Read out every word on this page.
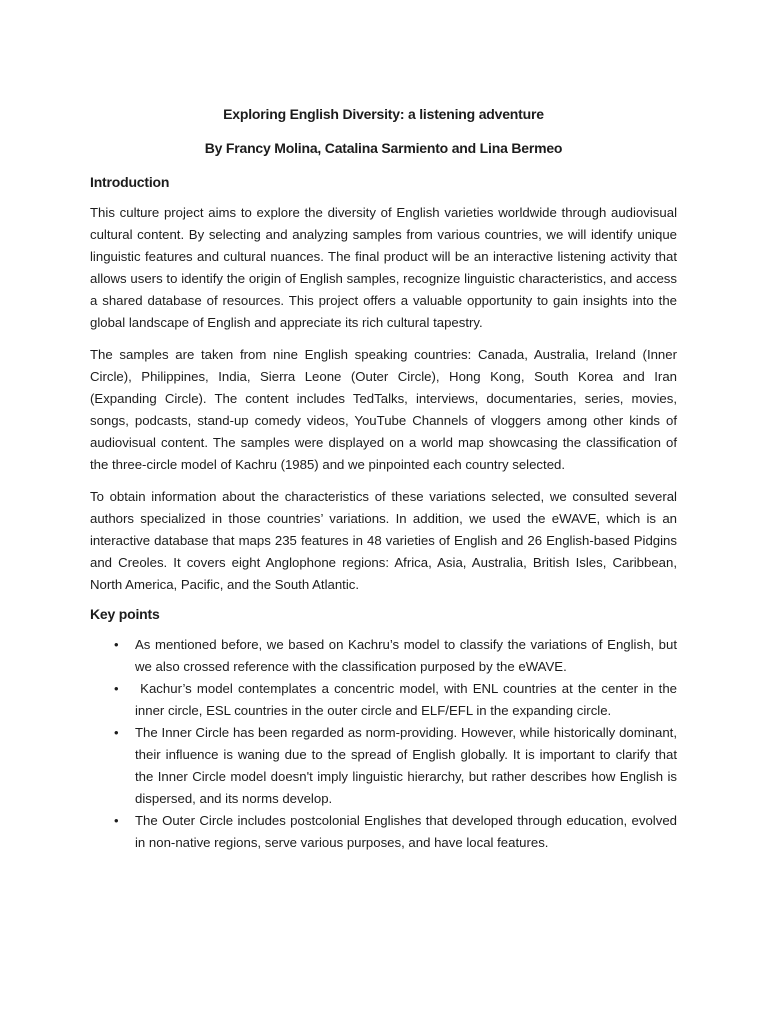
Exploring English Diversity: a listening adventure
By Francy Molina, Catalina Sarmiento and Lina Bermeo
Introduction

This culture project aims to explore the diversity of English varieties worldwide through audiovisual cultural content. By selecting and analyzing samples from various countries, we will identify unique linguistic features and cultural nuances. The final product will be an interactive listening activity that allows users to identify the origin of English samples, recognize linguistic characteristics, and access a shared database of resources. This project offers a valuable opportunity to gain insights into the global landscape of English and appreciate its rich cultural tapestry.

The samples are taken from nine English speaking countries: Canada, Australia, Ireland (Inner Circle), Philippines, India, Sierra Leone (Outer Circle), Hong Kong, South Korea and Iran (Expanding Circle). The content includes TedTalks, interviews, documentaries, series, movies, songs, podcasts, stand-up comedy videos, YouTube Channels of vloggers among other kinds of audiovisual content. The samples were displayed on a world map showcasing the classification of the three-circle model of Kachru (1985) and we pinpointed each country selected.

To obtain information about the characteristics of these variations selected, we consulted several authors specialized in those countries’ variations. In addition, we used the eWAVE, which is an interactive database that maps 235 features in 48 varieties of English and 26 English-based Pidgins and Creoles. It covers eight Anglophone regions: Africa, Asia, Australia, British Isles, Caribbean, North America, Pacific, and the South Atlantic.

Key points
• As mentioned before, we based on Kachru’s model to classify the variations of English, but we also crossed reference with the classification purposed by the eWAVE.
• Kachur’s model contemplates a concentric model, with ENL countries at the center in the inner circle, ESL countries in the outer circle and ELF/EFL in the expanding circle.
• The Inner Circle has been regarded as norm-providing. However, while historically dominant, their influence is waning due to the spread of English globally. It is important to clarify that the Inner Circle model doesn't imply linguistic hierarchy, but rather describes how English is dispersed, and its norms develop.
• The Outer Circle includes postcolonial Englishes that developed through education, evolved in non-native regions, serve various purposes, and have local features.
